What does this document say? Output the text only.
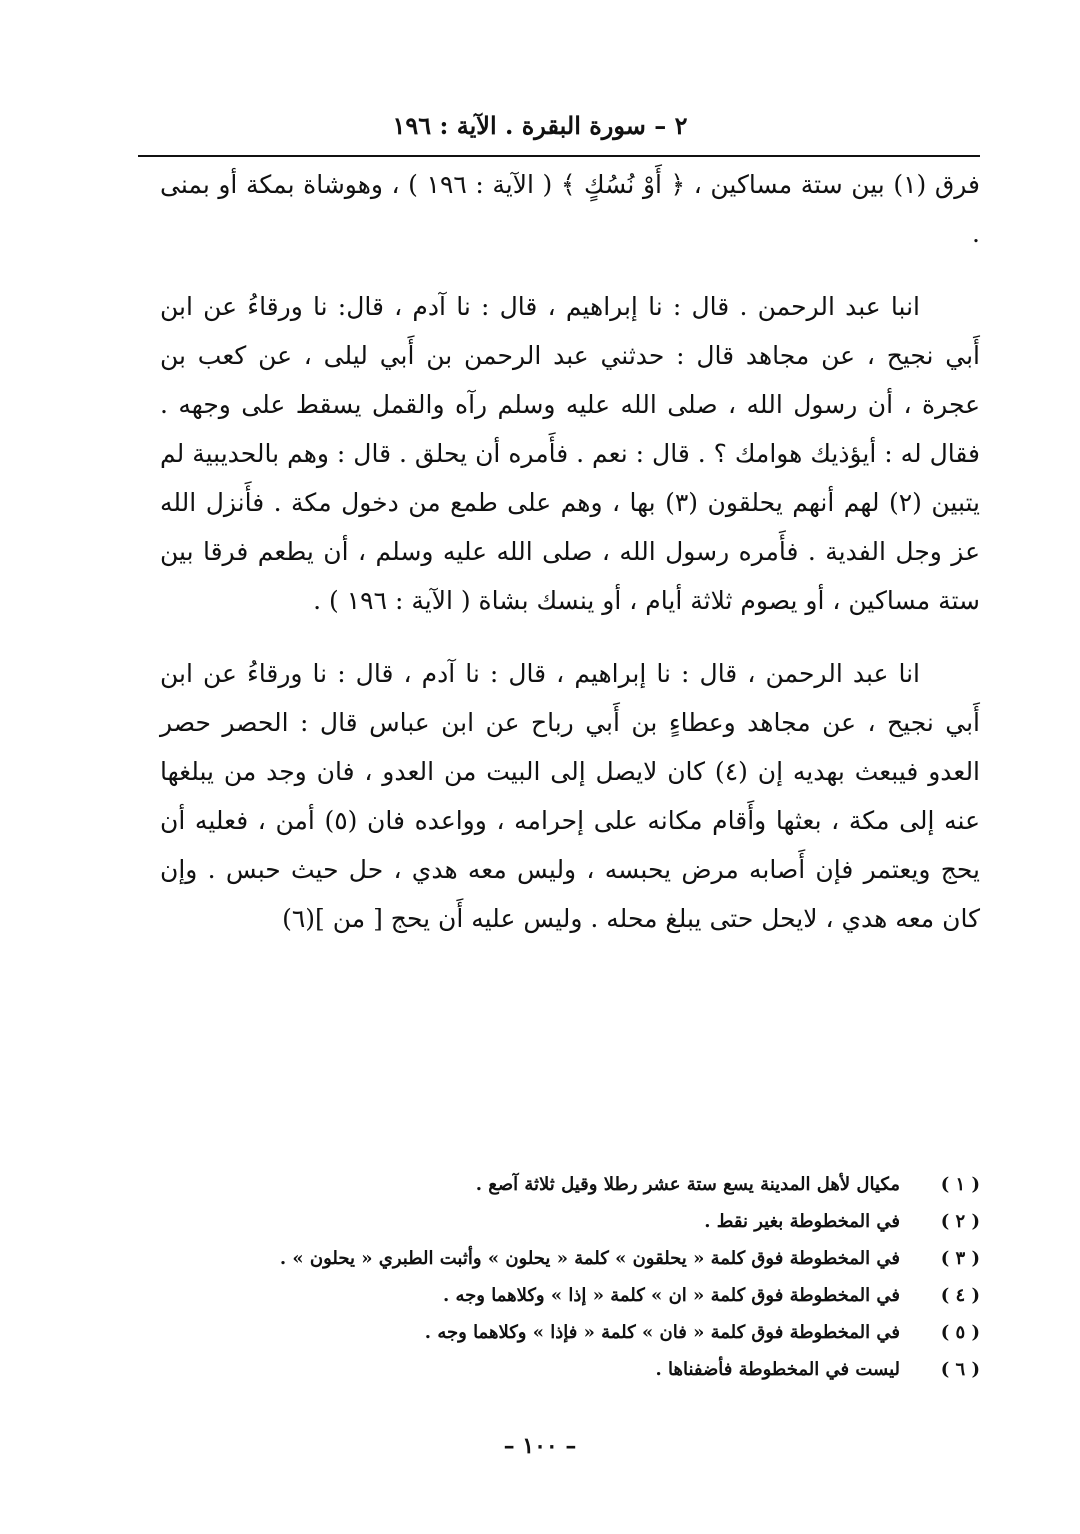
٢ – سورة البقرة . الآية : ١٩٦

فرق (١) بين ستة مساكين ، ﴿ أَوْ نُسُكٍ ﴾ ( الآية : ١٩٦ ) ، وهوشاة بمكة أو بمنى .

انبا عبد الرحمن . قال : نا إبراهيم ، قال : نا آدم ، قال: نا ورقاءُ عن ابن أَبي نجيح ، عن مجاهد قال : حدثني عبد الرحمن بن أَبي ليلى ، عن كعب بن عجرة ، أن رسول الله ، صلى الله عليه وسلم رآه والقمل يسقط على وجهه . فقال له : أيؤذيك هوامك ؟ . قال : نعم . فأَمره أن يحلق . قال : وهم بالحديبية لم يتبين (٢) لهم أنهم يحلقون (٣) بها ، وهم على طمع من دخول مكة . فأَنزل الله عز وجل الفدية . فأَمره رسول الله ، صلى الله عليه وسلم ، أن يطعم فرقا بين ستة مساكين ، أو يصوم ثلاثة أيام ، أو ينسك بشاة ( الآية : ١٩٦ ) .

انا عبد الرحمن ، قال : نا إبراهيم ، قال : نا آدم ، قال : نا ورقاءُ عن ابن أَبي نجيح ، عن مجاهد وعطاءٍ بن أَبي رباح عن ابن عباس قال : الحصر حصر العدو فيبعث بهديه إن (٤) كان لايصل إلى البيت من العدو ، فان وجد من يبلغها عنه إلى مكة ، بعثها وأَقام مكانه على إحرامه ، وواعده فان (٥) أمن ، فعليه أن يحج ويعتمر فإن أَصابه مرض يحبسه ، وليس معه هدي ، حل حيث حبس . وإن كان معه هدي ، لايحل حتى يبلغ محله . وليس عليه أَن يحج [ من ](٦)

( ١ )
مكيال لأهل المدينة يسع ستة عشر رطلا وقيل ثلاثة آصع .
( ٢ )
في المخطوطة بغير نقط .
( ٣ )
في المخطوطة فوق كلمة « يحلقون » كلمة « يحلون » وأثبت الطبري « يحلون » .
( ٤ )
في المخطوطة فوق كلمة « ان » كلمة « إذا » وكلاهما وجه .
( ٥ )
في المخطوطة فوق كلمة « فان » كلمة « فإذا » وكلاهما وجه .
( ٦ )
ليست في المخطوطة فأضفناها .
– ١٠٠ –
